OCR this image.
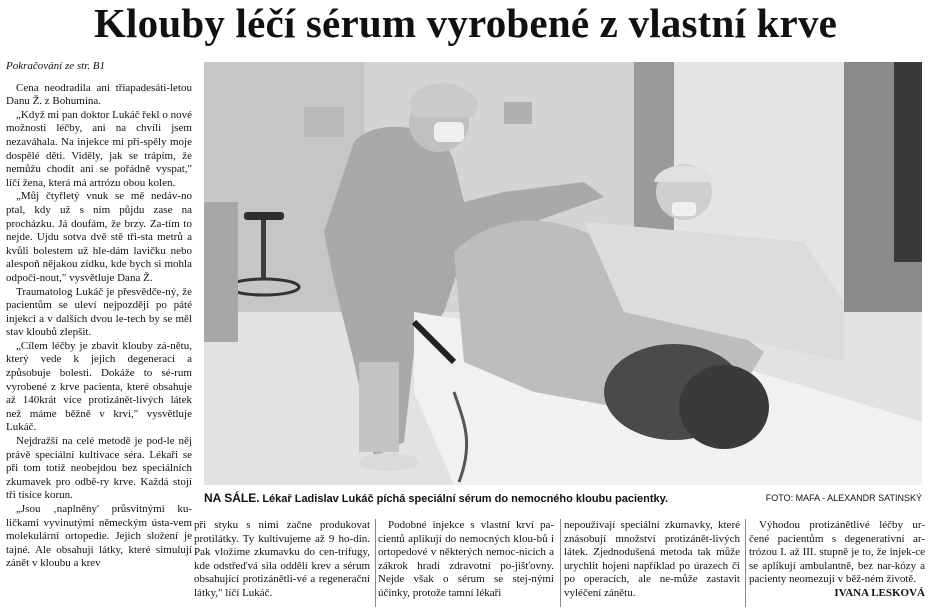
Klouby léčí sérum vyrobené z vlastní krve

Pokračování ze str. B1

Cena neodradila ani třiapadesáti-letou Danu Ž. z Bohumína.

„Když mi pan doktor Lukáč řekl o nové možnosti léčby, ani na chvíli jsem nezaváhala. Na injekce mi při-spěly moje dospělé děti. Viděly, jak se trápím, že nemůžu chodit ani se pořádně vyspat," líčí žena, která má artrózu obou kolen.

„Můj čtyřletý vnuk se mě nedáv-no ptal, kdy už s ním půjdu zase na procházku. Já doufám, že brzy. Za-tím to nejde. Ujdu sotva dvě stě tři-sta metrů a kvůli bolestem už hle-dám lavičku nebo alespoň nějakou zídku, kde bych si mohla odpoči-nout," vysvětluje Dana Ž.

Traumatolog Lukáč je přesvědče-ný, že pacientům se uleví nejpozději po páté injekci a v dalších dvou le-tech by se měl stav kloubů zlepšit.

„Cílem léčby je zbavit klouby zá-nětu, který vede k jejich degeneraci a způsobuje bolesti. Dokáže to sé-rum vyrobené z krve pacienta, které obsahuje až 140krát více protizánět-livých látek než máme běžně v krvi," vysvětluje Lukáč.

Nejdražší na celé metodě je pod-le něj právě speciální kultivace séra. Lékaři se při tom totiž neobejdou bez speciálních zkumavek pro odbě-ry krve. Každá stojí tři tisíce korun.

„Jsou ‚naplněny' průsvitnými ku-ličkami vyvinutými německým ústa-vem molekulární ortopedie. Jejich složení je tajné. Ale obsahují látky, které simulují zánět v kloubu a krev

NA SÁLE. Lékař Ladislav Lukáč píchá speciální sérum do nemocného kloubu pacientky.	FOTO: MAFA - ALEXANDR SATINSKÝ

při styku s nimi začne produkovat protilátky. Ty kultivujeme až 9 ho-din. Pak vložíme zkumavku do cen-trifugy, kde odstřeďvá sila oddělí krev a sérum obsahující protizánětli-vé a regenerační látky," líčí Lukáč.

Podobné injekce s vlastní krví pa-cientů aplikují do nemocných klou-bů i ortopedové v některých nemoc-nicích a zákrok hradí zdravotní po-jišťovny. Nejde však o sérum se stej-nými účinky, protože tamní lékaři

nepoužívají speciální zkumavky, které znásobují množství protizánět-livých látek. Zjednodušená metoda tak může urychlit hojení například po úrazech či po operacích, ale ne-může zastavit vyléčení zánětu.

Výhodou protizánětlivé léčby ur-čené pacientům s degenerativní ar-trózou I. až III. stupně je to, že injek-ce se aplikují ambulantně, bez nar-kózy a pacienty neomezují v běž-ném životě.

IVANA LESKOVÁ
